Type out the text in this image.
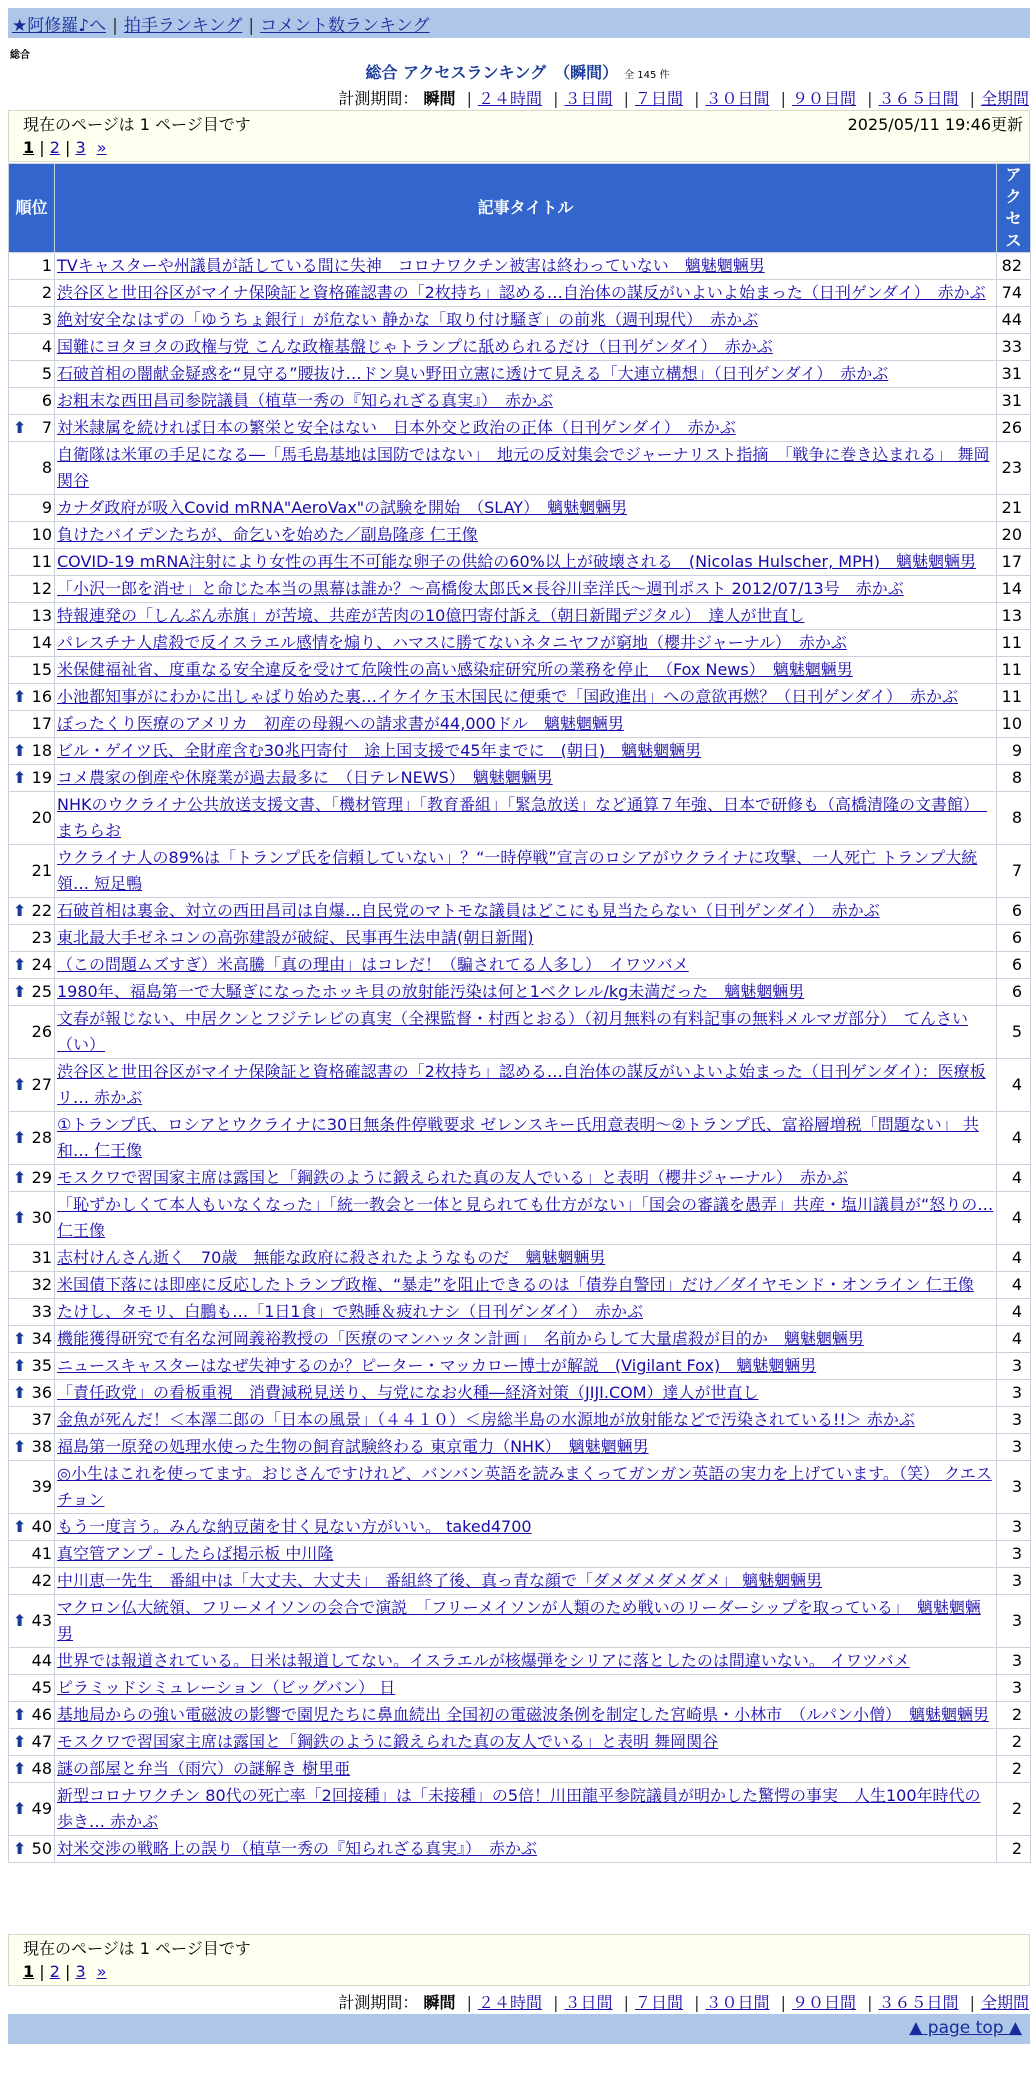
★阿修羅♪へ | 拍手ランキング | コメント数ランキング
総合
総合 アクセスランキング　（瞬間） 全 145 件
計測期間： 瞬間 | ２４時間 | ３日間 | ７日間 | ３０日間 | ９０日間 | ３６５日間 | 全期間
現在のページは 1 ページ目です	2025/05/11 19:46更新
1 | 2 | 3 »
順位	記事タイトル	アクセス
1	TVキャスターや州議員が話している間に失神　コロナワクチン被害は終わっていない　魑魅魍魎男	82
2	渋谷区と世田谷区がマイナ保険証と資格確認書の「2枚持ち」認める…自治体の謀反がいよいよ始まった（日刊ゲンダイ）　赤かぶ	74
3	絶対安全なはずの「ゆうちょ銀行」が危ない 静かな「取り付け騒ぎ」の前兆（週刊現代）　赤かぶ	44
4	国難にヨタヨタの政権与党 こんな政権基盤じゃトランプに舐められるだけ（日刊ゲンダイ）　赤かぶ	33
5	石破首相の闇献金疑惑を“見守る”腰抜け…ドン臭い野田立憲に透けて見える「大連立構想」（日刊ゲンダイ）　赤かぶ	31
6	お粗末な西田昌司参院議員（植草一秀の『知られざる真実』）　赤かぶ	31

⬆ 7	対米隷属を続ければ日本の繁栄と安全はない　日本外交と政治の正体（日刊ゲンダイ）　赤かぶ	26
8	自衛隊は米軍の手足になる―「馬毛島基地は国防ではない」　地元の反対集会でジャーナリスト指摘　「戦争に巻き込まれる」 舞岡関谷	23
9	カナダ政府が吸入Covid mRNA"AeroVax"の試験を開始　（SLAY）　魑魅魍魎男	21
10	負けたバイデンたちが、命乞いを始めた／副島隆彦 仁王像	20
11	COVID-19 mRNA注射により女性の再生不可能な卵子の供給の60%以上が破壊される　(Nicolas Hulscher, MPH)　魑魅魍魎男	17
12	「小沢一郎を消せ」と命じた本当の黒幕は誰か？～高橋俊太郎氏×長谷川幸洋氏～週刊ポスト 2012/07/13号　赤かぶ	14
13	特報連発の「しんぶん赤旗」が苦境、共産が苦肉の10億円寄付訴え（朝日新聞デジタル）　達人が世直し	13
14	パレスチナ人虐殺で反イスラエル感情を煽り、ハマスに勝てないネタニヤフが窮地（櫻井ジャーナル）　赤かぶ	11
15	米保健福祉省、度重なる安全違反を受けて危険性の高い感染症研究所の業務を停止　（Fox News）　魑魅魍魎男	11

⬆ 16	小池都知事がにわかに出しゃばり始めた裏…イケイケ玉木国民に便乗で「国政進出」への意欲再燃？（日刊ゲンダイ）　赤かぶ	11
17	ぼったくり医療のアメリカ　初産の母親への請求書が44,000ドル　魑魅魍魎男	10

⬆ 18	ビル・ゲイツ氏、全財産含む30兆円寄付　途上国支援で45年までに　(朝日)　魑魅魍魎男	9

⬆ 19	コメ農家の倒産や休廃業が過去最多に　（日テレNEWS）　魑魅魍魎男	8
20	NHKのウクライナ公共放送支援文書、「機材管理」「教育番組」「緊急放送」など通算７年強、日本で研修も（高橋清隆の文書館）　まちらお	8
21	ウクライナ人の89%は「トランプ氏を信頼していない」？“一時停戦”宣言のロシアがウクライナに攻撃、一人死亡 トランプ大統領… 短足鴨	7

⬆ 22	石破首相は裏金、対立の西田昌司は自爆…自民党のマトモな議員はどこにも見当たらない（日刊ゲンダイ）　赤かぶ	6
23	東北最大手ゼネコンの高弥建設が破綻、民事再生法申請(朝日新聞)	6

⬆ 24	（この問題ムズすぎ）米高騰「真の理由」はコレだ！（騙されてる人多し）　イワツバメ	6

⬆ 25	1980年、福島第一で大騒ぎになったホッキ貝の放射能汚染は何と1ベクレル/kg未満だった　魑魅魍魎男	6
26	文春が報じない、中居クンとフジテレビの真実（全裸監督・村西とおる）（初月無料の有料記事の無料メルマガ部分）　てんさい（い）	5

⬆ 27	渋谷区と世田谷区がマイナ保険証と資格確認書の「2枚持ち」認める…自治体の謀反がいよいよ始まった（日刊ゲンダイ）：医療板リ… 赤かぶ	4

⬆ 28	①トランプ氏、ロシアとウクライナに30日無条件停戦要求 ゼレンスキー氏用意表明～②トランプ氏、富裕層増税「問題ない」 共和… 仁王像	4

⬆ 29	モスクワで習国家主席は露国と「鋼鉄のように鍛えられた真の友人でいる」と表明（櫻井ジャーナル）　赤かぶ	4

⬆ 30	「恥ずかしくて本人もいなくなった」「統一教会と一体と見られても仕方がない」「国会の審議を愚弄」共産・塩川議員が“怒りの… 仁王像	4
31	志村けんさん逝く　70歳　無能な政府に殺されたようなものだ　魑魅魍魎男	4
32	米国債下落には即座に反応したトランプ政権、“暴走”を阻止できるのは「債券自警団」だけ／ダイヤモンド・オンライン 仁王像	4
33	たけし、タモリ、白鵬も…「1日1食」で熟睡＆疲れナシ（日刊ゲンダイ）　赤かぶ	4

⬆ 34	機能獲得研究で有名な河岡義裕教授の「医療のマンハッタン計画」　名前からして大量虐殺が目的か　魑魅魍魎男	4

⬆ 35	ニュースキャスターはなぜ失神するのか？ピーター・マッカロー博士が解説　(Vigilant Fox)　魑魅魍魎男	3

⬆ 36	「責任政党」の看板重視　消費減税見送り、与党になお火種―経済対策（JIJI.COM）達人が世直し	3
37	金魚が死んだ！＜本澤二郎の「日本の風景」（４４１０）＜房総半島の水源地が放射能などで汚染されている!!＞ 赤かぶ	3

⬆ 38	福島第一原発の処理水使った生物の飼育試験終わる 東京電力（NHK）　魑魅魍魎男	3
39	◎小生はこれを使ってます。おじさんですけれど、バンバン英語を読みまくってガンガン英語の実力を上げています。（笑） クエスチョン	3

⬆ 40	もう一度言う。みんな納豆菌を甘く見ない方がいい。 taked4700	3
41	真空管アンプ - したらば掲示板 中川隆	3
42	中川恵一先生　番組中は「大丈夫、大丈夫」　番組終了後、真っ青な顔で「ダメダメダメダメ」 魑魅魍魎男	3

⬆ 43	マクロン仏大統領、フリーメイソンの会合で演説　「フリーメイソンが人類のため戦いのリーダーシップを取っている」　魑魅魍魎男	3
44	世界では報道されている。日米は報道してない。イスラエルが核爆弾をシリアに落としたのは間違いない。 イワツバメ	3
45	ピラミッドシミュレーション（ビッグバン） 日	3

⬆ 46	基地局からの強い電磁波の影響で園児たちに鼻血続出 全国初の電磁波条例を制定した宮崎県・小林市　（ルパン小僧）　魑魅魍魎男	2

⬆ 47	モスクワで習国家主席は露国と「鋼鉄のように鍛えられた真の友人でいる」と表明 舞岡関谷	2

⬆ 48	謎の部屋と弁当（雨穴）の謎解き 樹里亜	2

⬆ 49	新型コロナワクチン 80代の死亡率「2回接種」は「未接種」の5倍！川田龍平参院議員が明かした驚愕の事実　人生100年時代の歩き… 赤かぶ	2

⬆ 50	対米交渉の戦略上の誤り（植草一秀の『知られざる真実』）　赤かぶ	2
現在のページは 1 ページ目です
1 | 2 | 3 »
計測期間： 瞬間 | ２４時間 | ３日間 | ７日間 | ３０日間 | ９０日間 | ３６５日間 | 全期間
▲ page top ▲
